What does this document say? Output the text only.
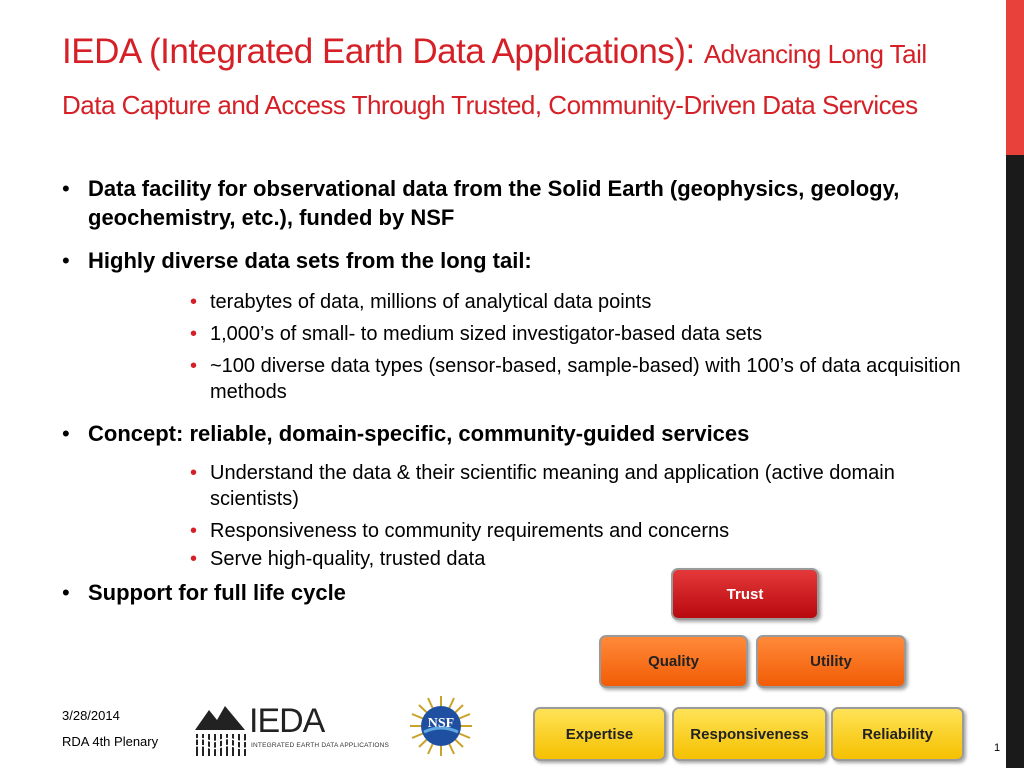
IEDA (Integrated Earth Data Applications): Advancing Long Tail Data Capture and Access Through Trusted, Community-Driven Data Services
• Data facility for observational data from the Solid Earth (geophysics, geology, geochemistry, etc.), funded by NSF
• Highly diverse data sets from the long tail:
• terabytes of data, millions of analytical data points
• 1,000’s of small- to medium sized investigator-based data sets
• ~100 diverse data types (sensor-based, sample-based) with 100’s of data acquisition methods
• Concept: reliable, domain-specific, community-guided services
• Understand the data & their scientific meaning and application (active domain scientists)
• Responsiveness to community requirements and concerns
• Serve high-quality, trusted data
• Support for full life cycle	Trust
Quality	Utility
Expertise	Responsiveness	Reliability
3/28/2014
RDA 4th Plenary	1
IEDA
INTEGRATED EARTH DATA APPLICATIONS
NSF
